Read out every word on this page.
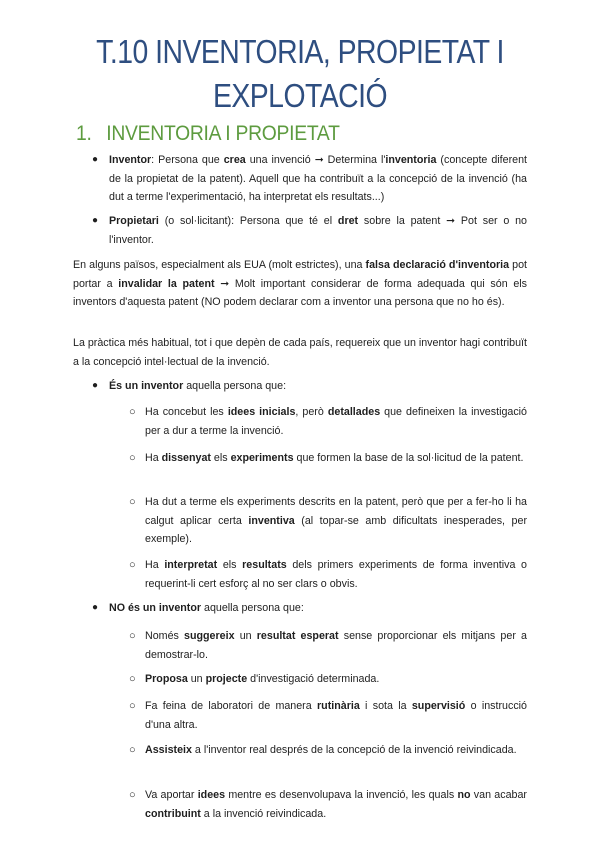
T.10 INVENTORIA, PROPIETAT I EXPLOTACIÓ
1. INVENTORIA I PROPIETAT
● Inventor: Persona que crea una invenció ➞ Determina l'inventoria (concepte diferent de la propietat de la patent). Aquell que ha contribuït a la concepció de la invenció (ha dut a terme l'experimentació, ha interpretat els resultats...)
● Propietari (o sol·licitant): Persona que té el dret sobre la patent ➞ Pot ser o no l'inventor.
En alguns països, especialment als EUA (molt estrictes), una falsa declaració d'inventoria pot portar a invalidar la patent ➞ Molt important considerar de forma adequada qui són els inventors d'aquesta patent (NO podem declarar com a inventor una persona que no ho és).
La pràctica més habitual, tot i que depèn de cada país, requereix que un inventor hagi contribuït a la concepció intel·lectual de la invenció.
● És un inventor aquella persona que:
○ Ha concebut les idees inicials, però detallades que defineixen la investigació per a dur a terme la invenció.
○ Ha dissenyat els experiments que formen la base de la sol·licitud de la patent.
○ Ha dut a terme els experiments descrits en la patent, però que per a fer-ho li ha calgut aplicar certa inventiva (al topar-se amb dificultats inesperades, per exemple).
○ Ha interpretat els resultats dels primers experiments de forma inventiva o requerint-li cert esforç al no ser clars o obvis.
● NO és un inventor aquella persona que:
○ Només suggereix un resultat esperat sense proporcionar els mitjans per a demostrar-lo.
○ Proposa un projecte d'investigació determinada.
○ Fa feina de laboratori de manera rutinària i sota la supervisió o instrucció d'una altra.
○ Assisteix a l'inventor real després de la concepció de la invenció reivindicada.
○ Va aportar idees mentre es desenvolupava la invenció, les quals no van acabar contribuint a la invenció reivindicada.
